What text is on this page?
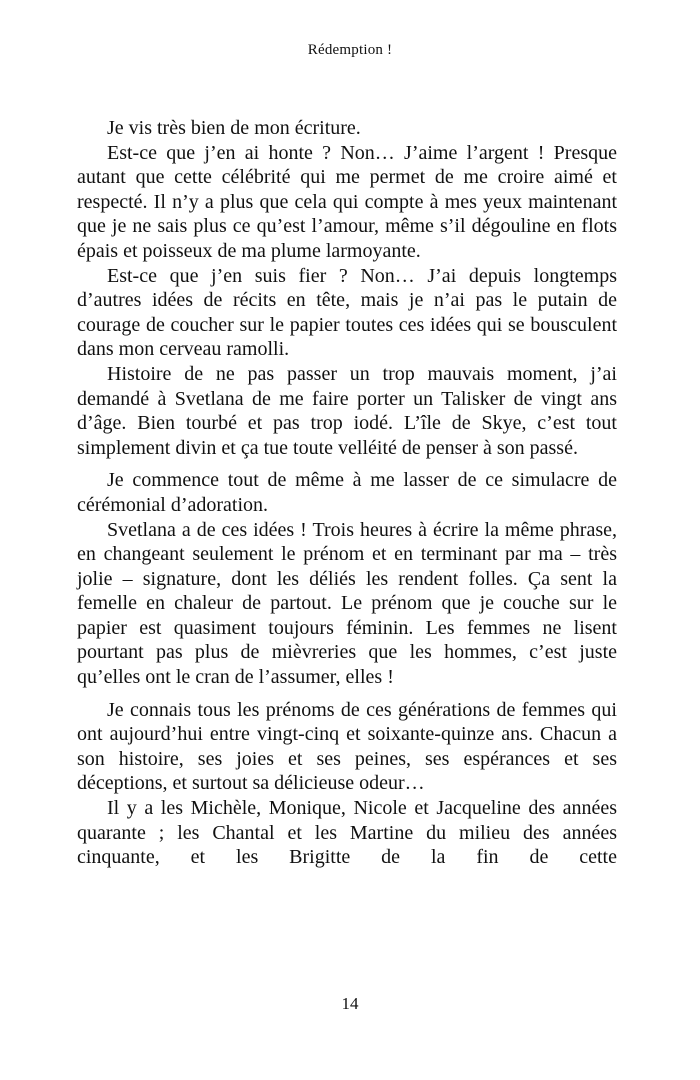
Rédemption !

Je vis très bien de mon écriture.

Est-ce que j’en ai honte ? Non… J’aime l’argent ! Presque autant que cette célébrité qui me permet de me croire aimé et respecté. Il n’y a plus que cela qui compte à mes yeux maintenant que je ne sais plus ce qu’est l’amour, même s’il dégouline en flots épais et poisseux de ma plume larmoyante.

Est-ce que j’en suis fier ? Non… J’ai depuis longtemps d’autres idées de récits en tête, mais je n’ai pas le putain de courage de coucher sur le papier toutes ces idées qui se bousculent dans mon cerveau ramolli.

Histoire de ne pas passer un trop mauvais moment, j’ai demandé à Svetlana de me faire porter un Talisker de vingt ans d’âge. Bien tourbé et pas trop iodé. L’île de Skye, c’est tout simplement divin et ça tue toute velléité de penser à son passé.

Je commence tout de même à me lasser de ce simulacre de cérémonial d’adoration.

Svetlana a de ces idées ! Trois heures à écrire la même phrase, en changeant seulement le prénom et en terminant par ma – très jolie – signature, dont les déliés les rendent folles. Ça sent la femelle en chaleur de partout. Le prénom que je couche sur le papier est quasiment toujours féminin. Les femmes ne lisent pourtant pas plus de mièvreries que les hommes, c’est juste qu’elles ont le cran de l’assumer, elles !

Je connais tous les prénoms de ces générations de femmes qui ont aujourd’hui entre vingt-cinq et soixante-quinze ans. Chacun a son histoire, ses joies et ses peines, ses espérances et ses déceptions, et surtout sa délicieuse odeur…

Il y a les Michèle, Monique, Nicole et Jacqueline des années quarante ; les Chantal et les Martine du milieu des années cinquante, et les Brigitte de la fin de cette

14
